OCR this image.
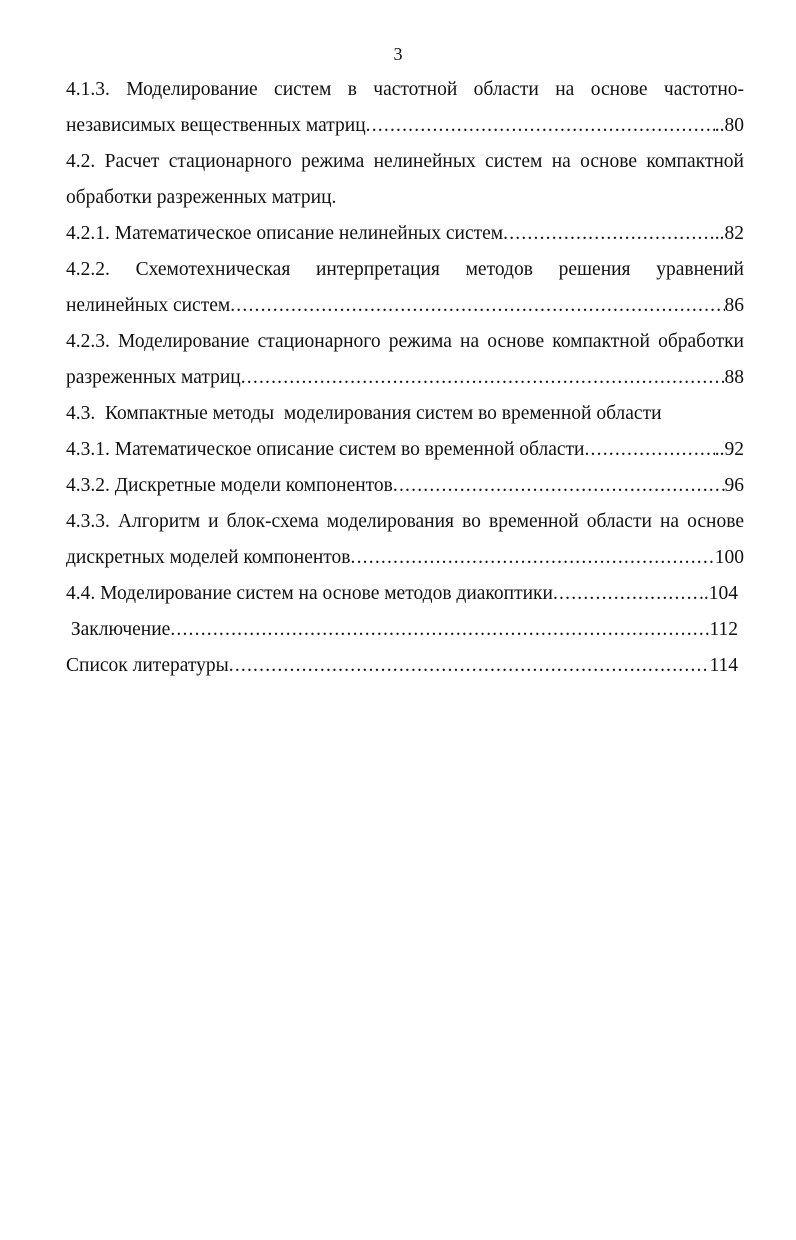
3
4.1.3. Моделирование систем в частотной области на основе частотно-
независимых вещественных матриц .....	..80
4.2. Расчет стационарного режима нелинейных систем на основе компактной
обработки разреженных матриц.
4.2.1. Математическое описание нелинейных систем .....	..82
4.2.2. Схемотехническая интерпретация методов решения уравнений
нелинейных систем .....	86
4.2.3. Моделирование стационарного режима на основе компактной обработки
разреженных матриц .....	88
4.3.  Компактные методы  моделирования систем во временной области
4.3.1. Математическое описание систем во временной области .....	..92
4.3.2. Дискретные модели компонентов .....	96
4.3.3. Алгоритм и блок-схема моделирования во временной области на основе
дискретных моделей компонентов .....	100
4.4. Моделирование систем на основе методов диакоптики .....	..104
Заключение .....	112
Список литературы .....	114
